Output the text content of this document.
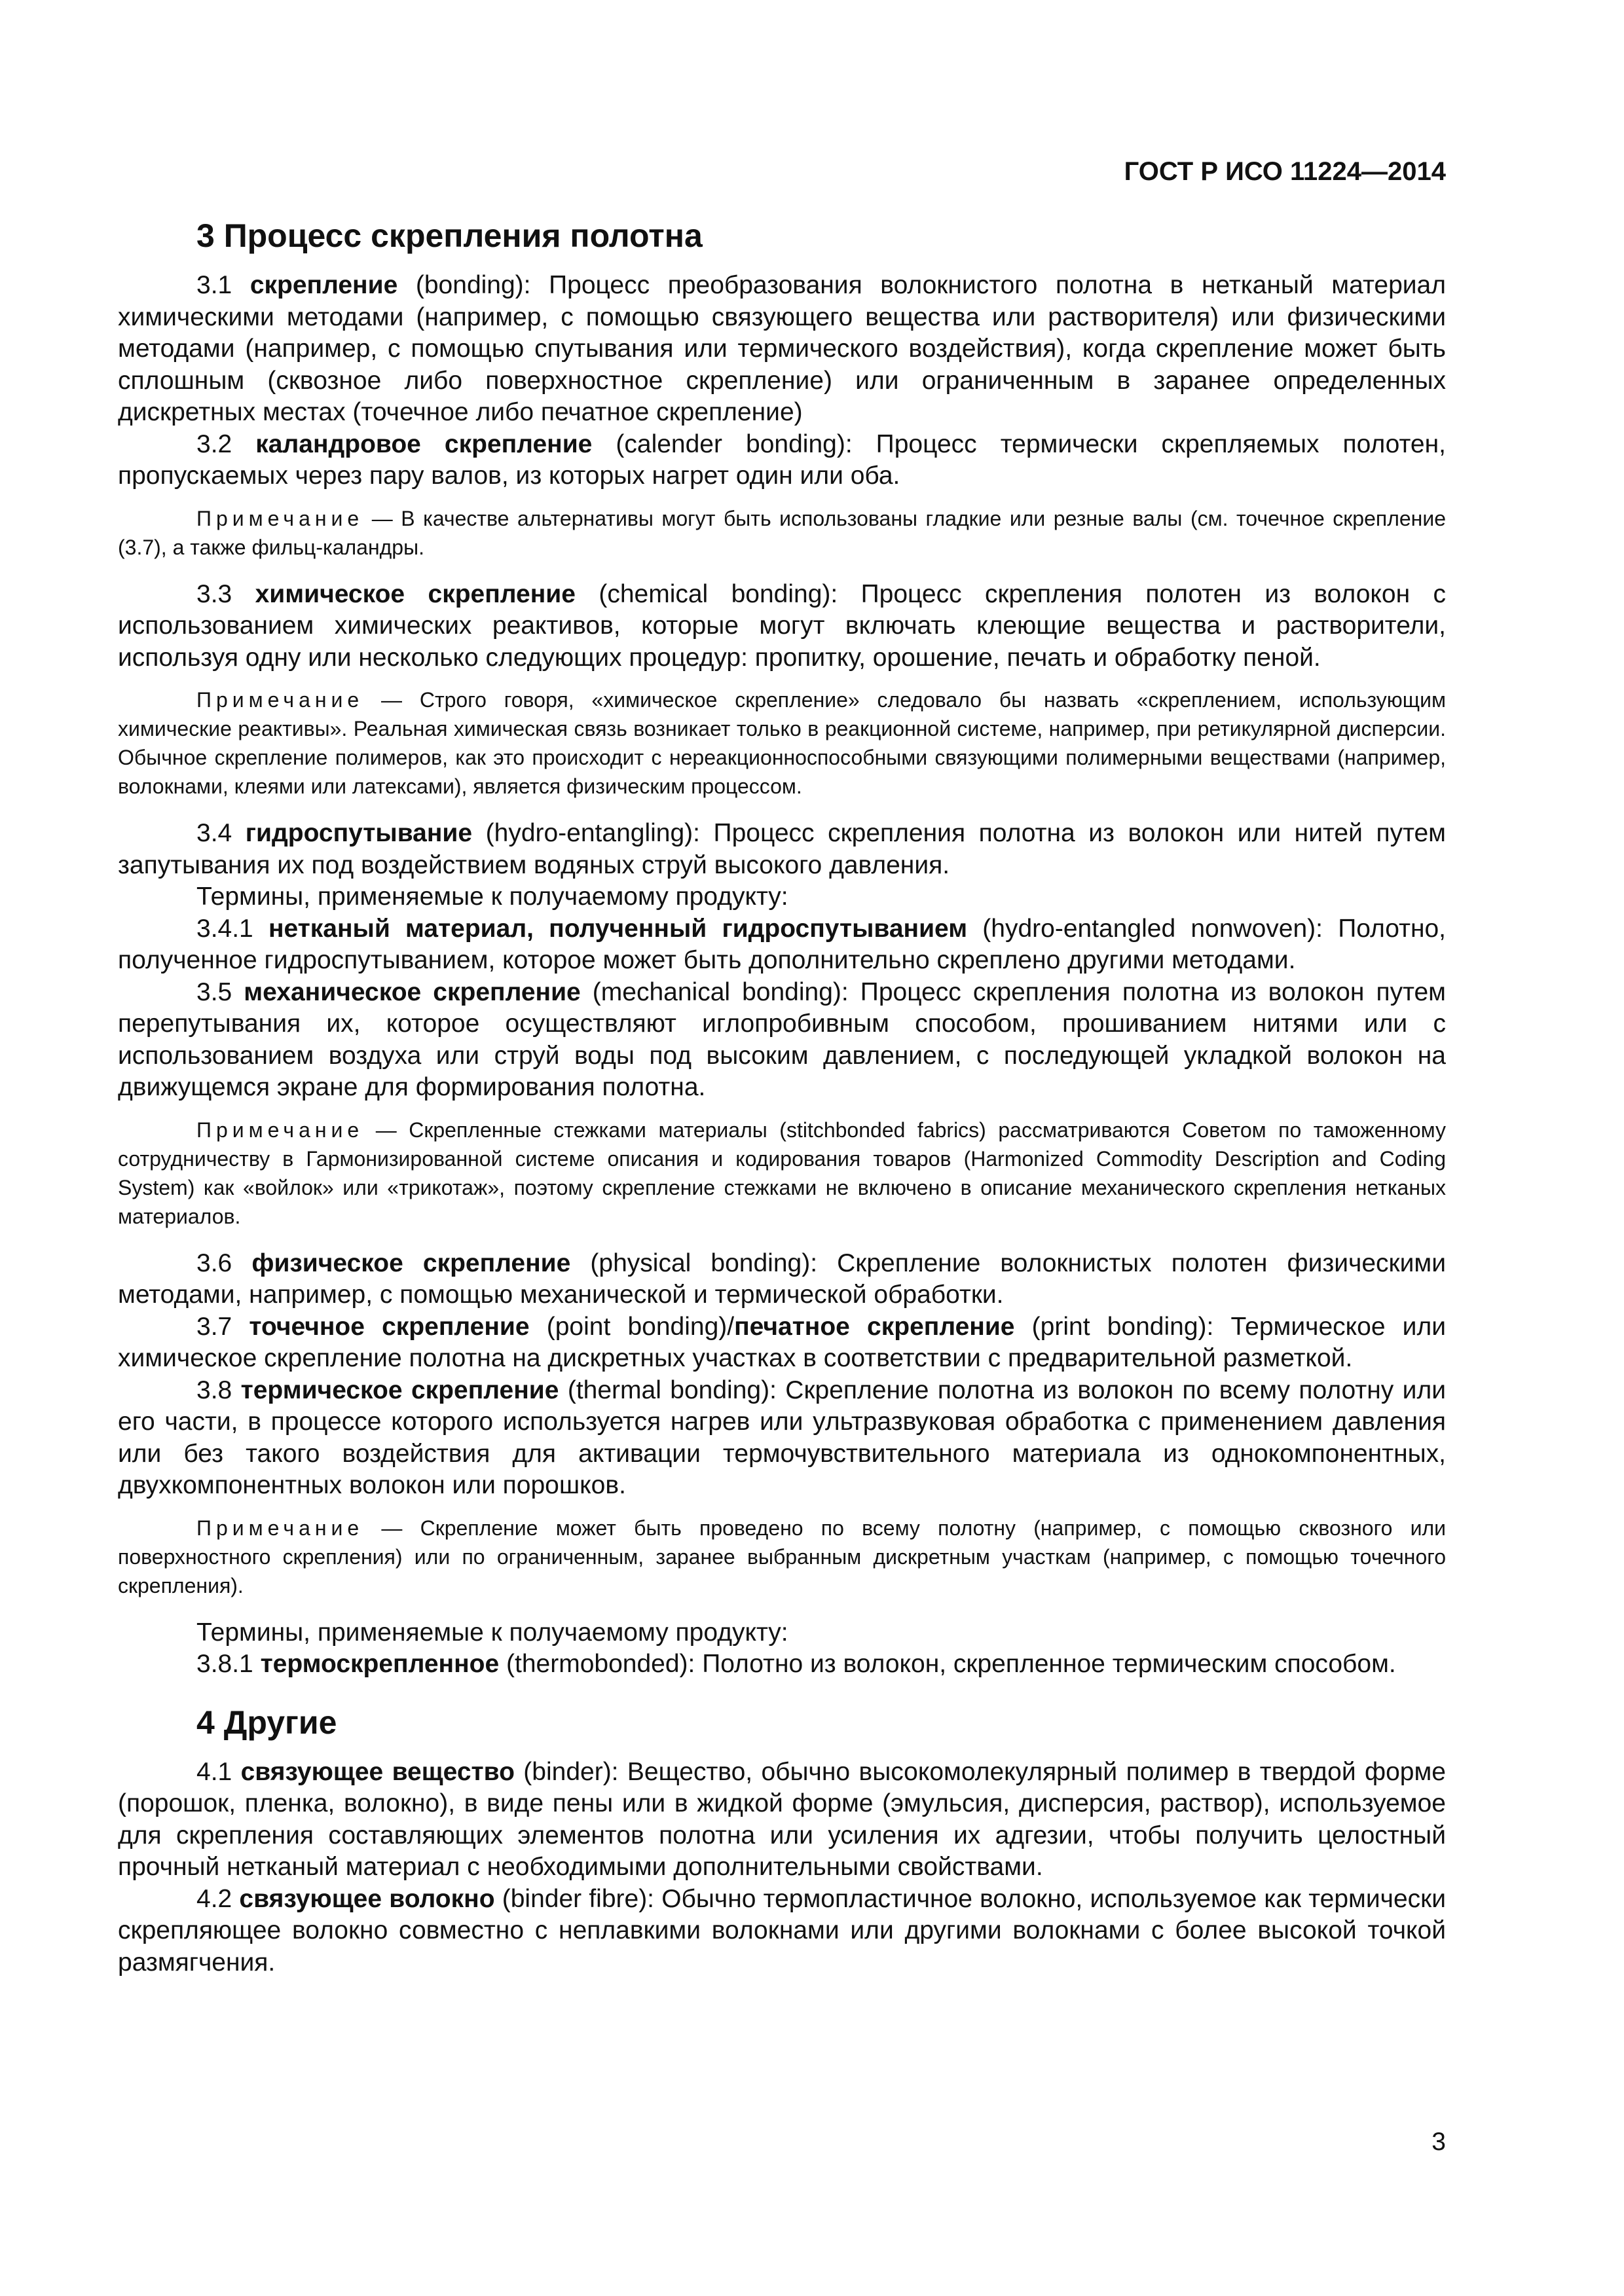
ГОСТ Р ИСО 11224—2014
3 Процесс скрепления полотна

3.1 скрепление (bonding): Процесс преобразования волокнистого полотна в нетканый материал химическими методами (например, с помощью связующего вещества или растворителя) или физическими методами (например, с помощью спутывания или термического воздействия), когда скрепление может быть сплошным (сквозное либо поверхностное скрепление) или ограниченным в заранее определенных дискретных местах (точечное либо печатное скрепление)

3.2 каландровое скрепление (calender bonding): Процесс термически скрепляемых полотен, пропускаемых через пару валов, из которых нагрет один или оба.

Примечание — В качестве альтернативы могут быть использованы гладкие или резные валы (см. точечное скрепление (3.7), а также фильц-каландры.

3.3 химическое скрепление (chemical bonding): Процесс скрепления полотен из волокон с использованием химических реактивов, которые могут включать клеющие вещества и растворители, используя одну или несколько следующих процедур: пропитку, орошение, печать и обработку пеной.

Примечание — Строго говоря, «химическое скрепление» следовало бы назвать «скреплением, использующим химические реактивы». Реальная химическая связь возникает только в реакционной системе, например, при ретикулярной дисперсии. Обычное скрепление полимеров, как это происходит с нереакционноспособными связующими полимерными веществами (например, волокнами, клеями или латексами), является физическим процессом.

3.4 гидроспутывание (hydro-entangling): Процесс скрепления полотна из волокон или нитей путем запутывания их под воздействием водяных струй высокого давления.

Термины, применяемые к получаемому продукту:

3.4.1 нетканый материал, полученный гидроспутыванием (hydro-entangled nonwoven): Полотно, полученное гидроспутыванием, которое может быть дополнительно скреплено другими методами.

3.5 механическое скрепление (mechanical bonding): Процесс скрепления полотна из волокон путем перепутывания их, которое осуществляют иглопробивным способом, прошиванием нитями или с использованием воздуха или струй воды под высоким давлением, с последующей укладкой волокон на движущемся экране для формирования полотна.

Примечание — Скрепленные стежками материалы (stitchbonded fabrics) рассматриваются Советом по таможенному сотрудничеству в Гармонизированной системе описания и кодирования товаров (Harmonized Commodity Description and Coding System) как «войлок» или «трикотаж», поэтому скрепление стежками не включено в описание механического скрепления нетканых материалов.

3.6 физическое скрепление (physical bonding): Скрепление волокнистых полотен физическими методами, например, с помощью механической и термической обработки.

3.7 точечное скрепление (point bonding)/печатное скрепление (print bonding): Термическое или химическое скрепление полотна на дискретных участках в соответствии с предварительной разметкой.

3.8 термическое скрепление (thermal bonding): Скрепление полотна из волокон по всему полотну или его части, в процессе которого используется нагрев или ультразвуковая обработка с применением давления или без такого воздействия для активации термочувствительного материала из однокомпонентных, двухкомпонентных волокон или порошков.

Примечание — Скрепление может быть проведено по всему полотну (например, с помощью сквозного или поверхностного скрепления) или по ограниченным, заранее выбранным дискретным участкам (например, с помощью точечного скрепления).

Термины, применяемые к получаемому продукту:

3.8.1 термоскрепленное (thermobonded): Полотно из волокон, скрепленное термическим способом.

4 Другие

4.1 связующее вещество (binder): Вещество, обычно высокомолекулярный полимер в твердой форме (порошок, пленка, волокно), в виде пены или в жидкой форме (эмульсия, дисперсия, раствор), используемое для скрепления составляющих элементов полотна или усиления их адгезии, чтобы получить целостный прочный нетканый материал с необходимыми дополнительными свойствами.

4.2 связующее волокно (binder fibre): Обычно термопластичное волокно, используемое как термически скрепляющее волокно совместно с неплавкими волокнами или другими волокнами с более высокой точкой размягчения.

3
